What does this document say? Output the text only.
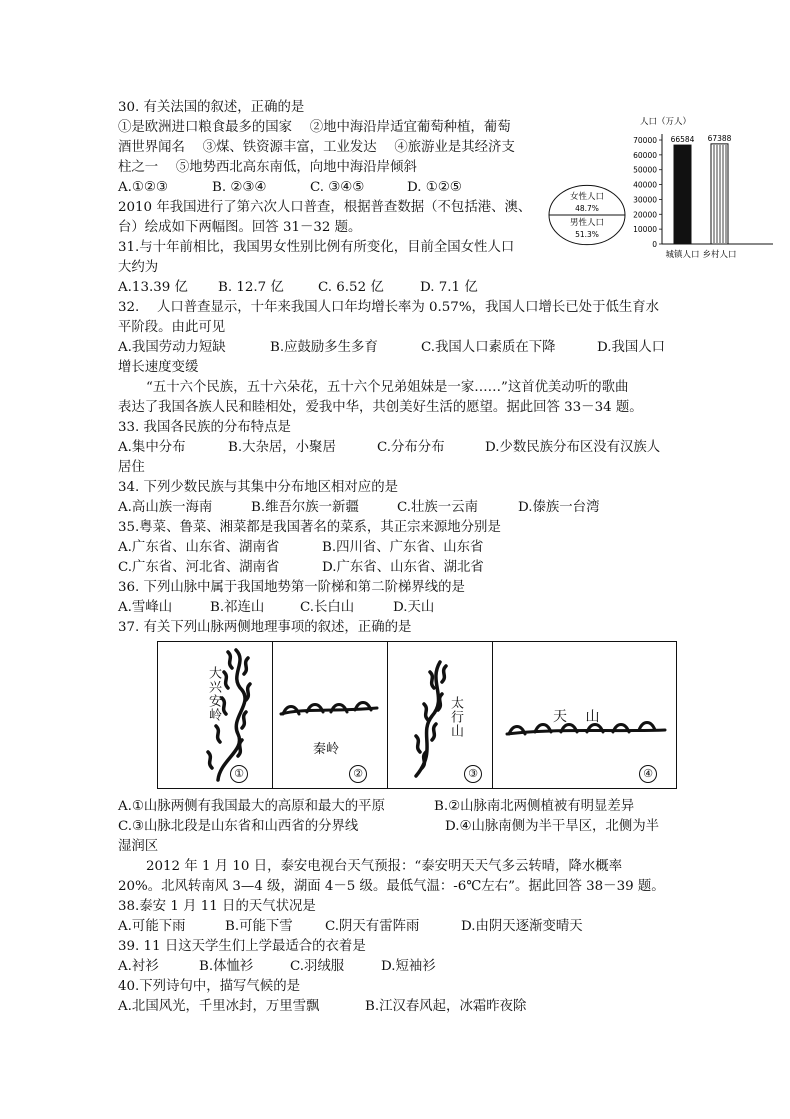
30. 有关法国的叙述，正确的是
①是欧洲进口粮食最多的国家 　②地中海沿岸适宜葡萄种植，葡萄
酒世界闻名 　③煤、铁资源丰富，工业发达 　④旅游业是其经济支
柱之一 　⑤地势西北高东南低，向地中海沿岸倾斜
A.①②③	B. ②③④	C. ③④⑤	D. ①②⑤
2010 年我国进行了第六次人口普查，根据普查数据（不包括港、澳、
台）绘成如下两幅图。回答 31－32 题。
女性人口
48.7%
男性人口
51.3%
人口（万人）
70000
60000
50000
40000
30000
20000
10000
0
66584
城镇人口
67388
乡村人口
31.与十年前相比，我国男女性别比例有所变化，目前全国女性人口
大约为
A.13.39 亿 B. 12.7 亿	C. 6.52 亿	D. 7.1 亿
32. 　人口普查显示，十年来我国人口年均增长率为 0.57%，我国人口增长已处于低生育水
平阶段。由此可见
A.我国劳动力短缺	B.应鼓励多生多育	C.我国人口素质在下降	D.我国人口
增长速度变缓
“五十六个民族，五十六朵花，五十六个兄弟姐妹是一家……”这首优美动听的歌曲
表达了我国各族人民和睦相处，爱我中华，共创美好生活的愿望。据此回答 33－34 题。
33. 我国各民族的分布特点是
A.集中分布	B.大杂居，小聚居	C.分布分布	D.少数民族分布区没有汉族人
居住
34. 下列少数民族与其集中分布地区相对应的是
A.高山族一海南	B.维吾尔族一新疆	C.壮族一云南	D.傣族一台湾
35.粤菜、鲁菜、湘菜都是我国著名的菜系，其正宗来源地分别是
A.广东省、山东省、湖南省	B.四川省、广东省、山东省
C.广东省、河北省、湖南省	D.广东省、山东省、湖北省
36. 下列山脉中属于我国地势第一阶梯和第二阶梯界线的是
A.雪峰山	B.祁连山	C.长白山	D.天山
37. 有关下列山脉两侧地理事项的叙述，正确的是
大兴安岭
①
秦岭
②
太行山
③
天 　山
④
A.①山脉两侧有我国最大的高原和最大的平原	B.②山脉南北两侧植被有明显差异
C.③山脉北段是山东省和山西省的分界线	D.④山脉南侧为半干旱区，北侧为半
湿润区
2012 年 1 月 10 日，泰安电视台天气预报：“泰安明天天气多云转晴，降水概率
20%。北风转南风 3—4 级，湖面 4－5 级。最低气温：-6℃左右”。据此回答 38－39 题。
38.泰安 1 月 11 日的天气状况是
A.可能下雨	B.可能下雪 C.阴天有雷阵雨	D.由阴天逐渐变晴天
39. 11 日这天学生们上学最适合的衣着是
A.衬衫	B.体恤衫	C.羽绒服	D.短袖衫
40.下列诗句中，描写气候的是
A.北国风光，千里冰封，万里雪飘	B.江汉春风起，冰霜昨夜除
